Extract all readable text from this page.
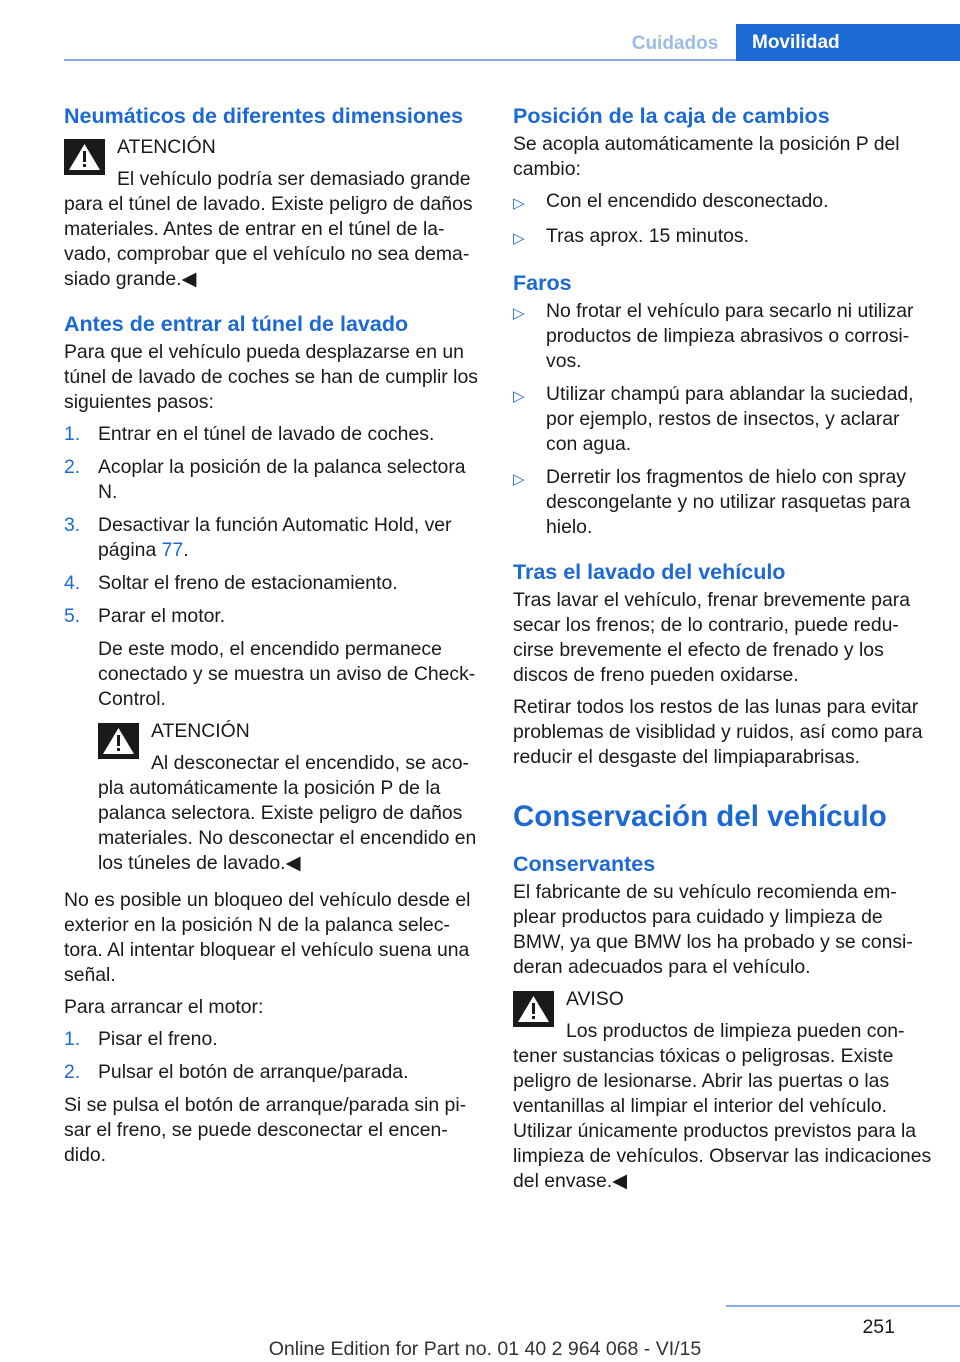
Cuidados	Movilidad
Neumáticos de diferentes dimensiones

ATENCIÓN

El vehículo podría ser demasiado grande para el túnel de lavado. Existe peligro de daños materiales. Antes de entrar en el túnel de lavado, comprobar que el vehículo no sea demasiado grande.◀

Antes de entrar al túnel de lavado

Para que el vehículo pueda desplazarse en un túnel de lavado de coches se han de cumplir los siguientes pasos:

1. Entrar en el túnel de lavado de coches.
2. Acoplar la posición de la palanca selectora N.
3. Desactivar la función Automatic Hold, ver página 77.
4. Soltar el freno de estacionamiento.
5. Parar el motor.

De este modo, el encendido permanece conectado y se muestra un aviso de Check-Control.

ATENCIÓN

Al desconectar el encendido, se acopla automáticamente la posición P de la palanca selectora. Existe peligro de daños materiales. No desconectar el encendido en los túneles de lavado.◀

No es posible un bloqueo del vehículo desde el exterior en la posición N de la palanca selectora. Al intentar bloquear el vehículo suena una señal.

Para arrancar el motor:

1. Pisar el freno.
2. Pulsar el botón de arranque/parada.

Si se pulsa el botón de arranque/parada sin pisar el freno, se puede desconectar el encendido.

Posición de la caja de cambios

Se acopla automáticamente la posición P del cambio:

▷	Con el encendido desconectado.
▷	Tras aprox. 15 minutos.
Faros
▷	No frotar el vehículo para secarlo ni utilizar productos de limpieza abrasivos o corrosivos.
▷	Utilizar champú para ablandar la suciedad, por ejemplo, restos de insectos, y aclarar con agua.
▷	Derretir los fragmentos de hielo con spray descongelante y no utilizar rasquetas para hielo.
Tras el lavado del vehículo

Tras lavar el vehículo, frenar brevemente para secar los frenos; de lo contrario, puede reducirse brevemente el efecto de frenado y los discos de freno pueden oxidarse.

Retirar todos los restos de las lunas para evitar problemas de visiblidad y ruidos, así como para reducir el desgaste del limpiaparabrisas.

Conservación del vehículo
Conservantes

El fabricante de su vehículo recomienda emplear productos para cuidado y limpieza de BMW, ya que BMW los ha probado y se consideran adecuados para el vehículo.

AVISO

Los productos de limpieza pueden contener sustancias tóxicas o peligrosas. Existe peligro de lesionarse. Abrir las puertas o las ventanillas al limpiar el interior del vehículo. Utilizar únicamente productos previstos para la limpieza de vehículos. Observar las indicaciones del envase.◀

251
Online Edition for Part no. 01 40 2 964 068 - VI/15
